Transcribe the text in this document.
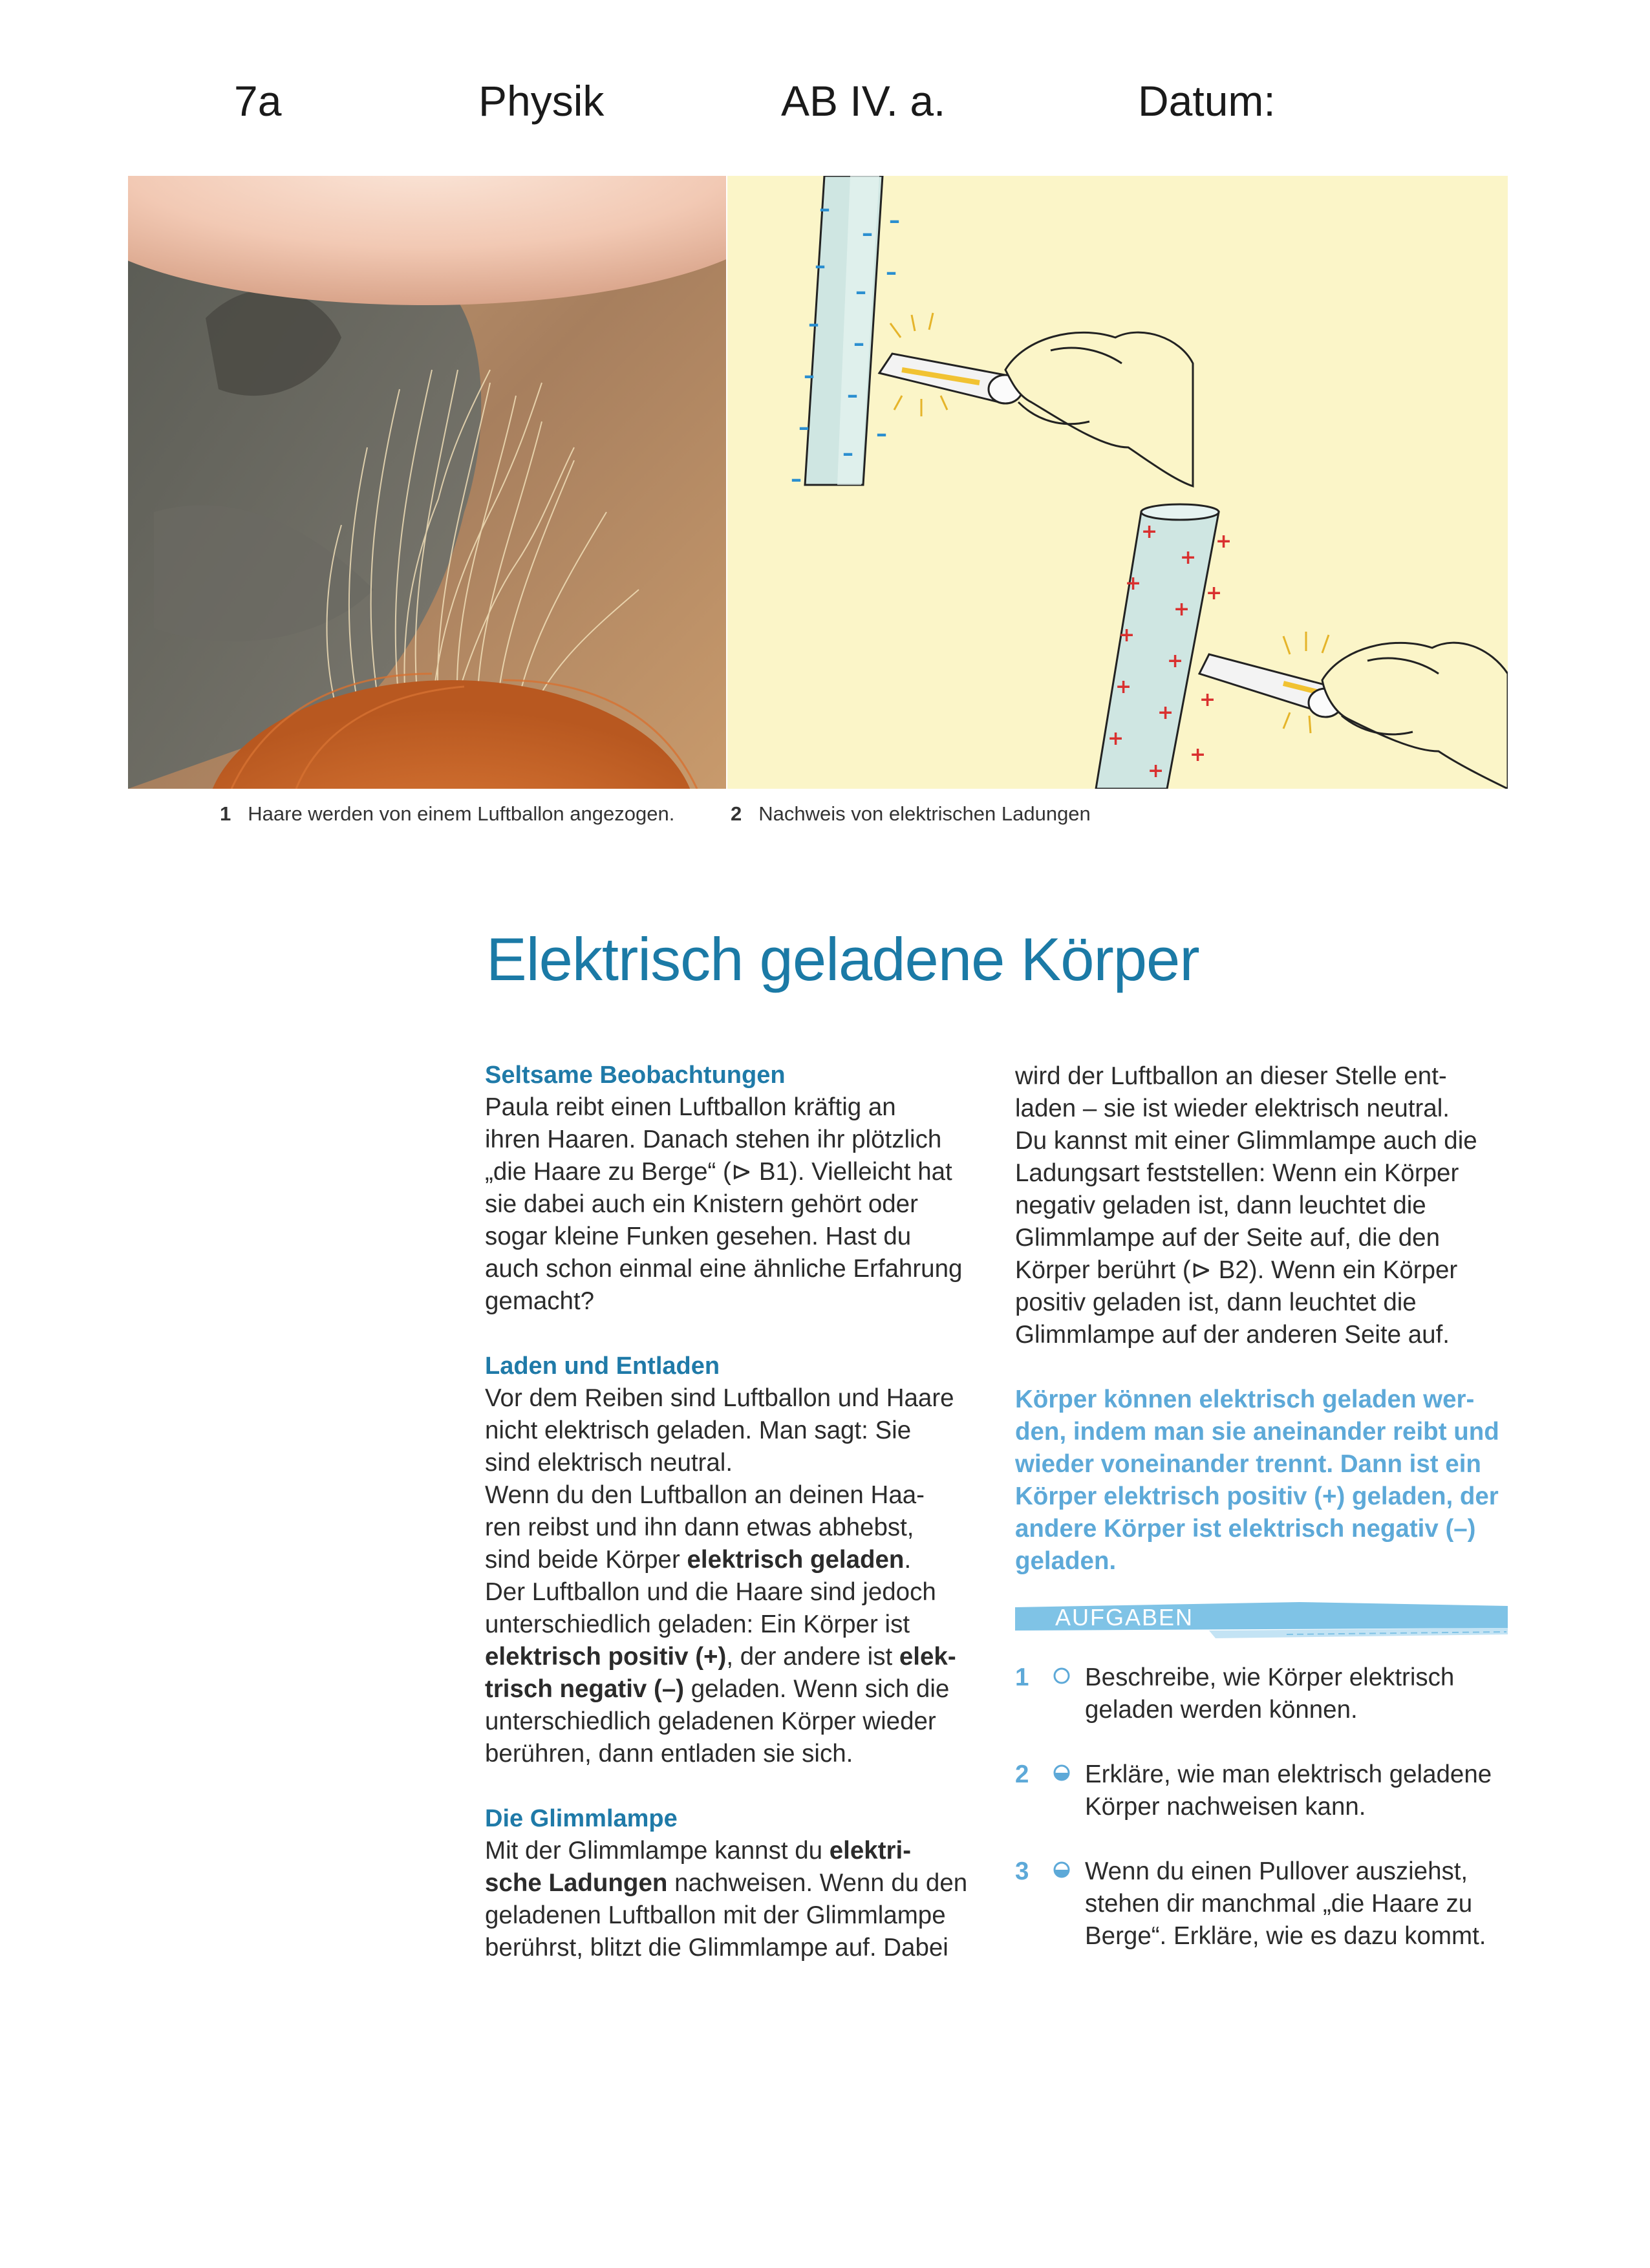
7a	Physik	AB IV. a.	Datum:
–
– –
–
–
–
–
–
–
–
–
–
–
–
+
+
+
+
+
+
+
+
+
+
+
+
+
+
1 Haare werden von einem Luftballon angezogen.	2 Nachweis von elektrischen Ladungen
Elektrisch geladene Körper
Seltsame Beobachtungen

Paula reibt einen Luftballon kräftig an

ihren Haaren. Danach stehen ihr plötzlich

„die Haare zu Berge“ (⊳ B1). Vielleicht hat

sie dabei auch ein Knistern gehört oder

sogar kleine Funken gesehen. Hast du

auch schon einmal eine ähnliche Erfahrung

gemacht?

Laden und Entladen

Vor dem Reiben sind Luftballon und Haare

nicht elektrisch geladen. Man sagt: Sie

sind elektrisch neutral.

Wenn du den Luftballon an deinen Haa-

ren reibst und ihn dann etwas abhebst,

sind beide Körper elektrisch geladen.

Der Luftballon und die Haare sind jedoch

unterschiedlich geladen: Ein Körper ist

elektrisch positiv (+), der andere ist elek-

trisch negativ (–) geladen. Wenn sich die

unterschiedlich geladenen Körper wieder

berühren, dann entladen sie sich.

Die Glimmlampe

Mit der Glimmlampe kannst du elektri-

sche Ladungen nachweisen. Wenn du den

geladenen Luftballon mit der Glimmlampe

berührst, blitzt die Glimmlampe auf. Dabei

wird der Luftballon an dieser Stelle ent-

laden – sie ist wieder elektrisch neutral.

Du kannst mit einer Glimmlampe auch die

Ladungsart feststellen: Wenn ein Körper

negativ geladen ist, dann leuchtet die

Glimmlampe auf der Seite auf, die den

Körper berührt (⊳ B2). Wenn ein Körper

positiv geladen ist, dann leuchtet die

Glimmlampe auf der anderen Seite auf.

Körper können elektrisch geladen wer-

den, indem man sie aneinander reibt und

wieder voneinander trennt. Dann ist ein

Körper elektrisch positiv (+) geladen, der

andere Körper ist elektrisch negativ (–)

geladen.

AUFGABEN
1 Beschreibe, wie Körper elektrisch

geladen werden können.

2 Erkläre, wie man elektrisch geladene

Körper nachweisen kann.

3 Wenn du einen Pullover ausziehst,

stehen dir manchmal „die Haare zu

Berge“. Erkläre, wie es dazu kommt.
